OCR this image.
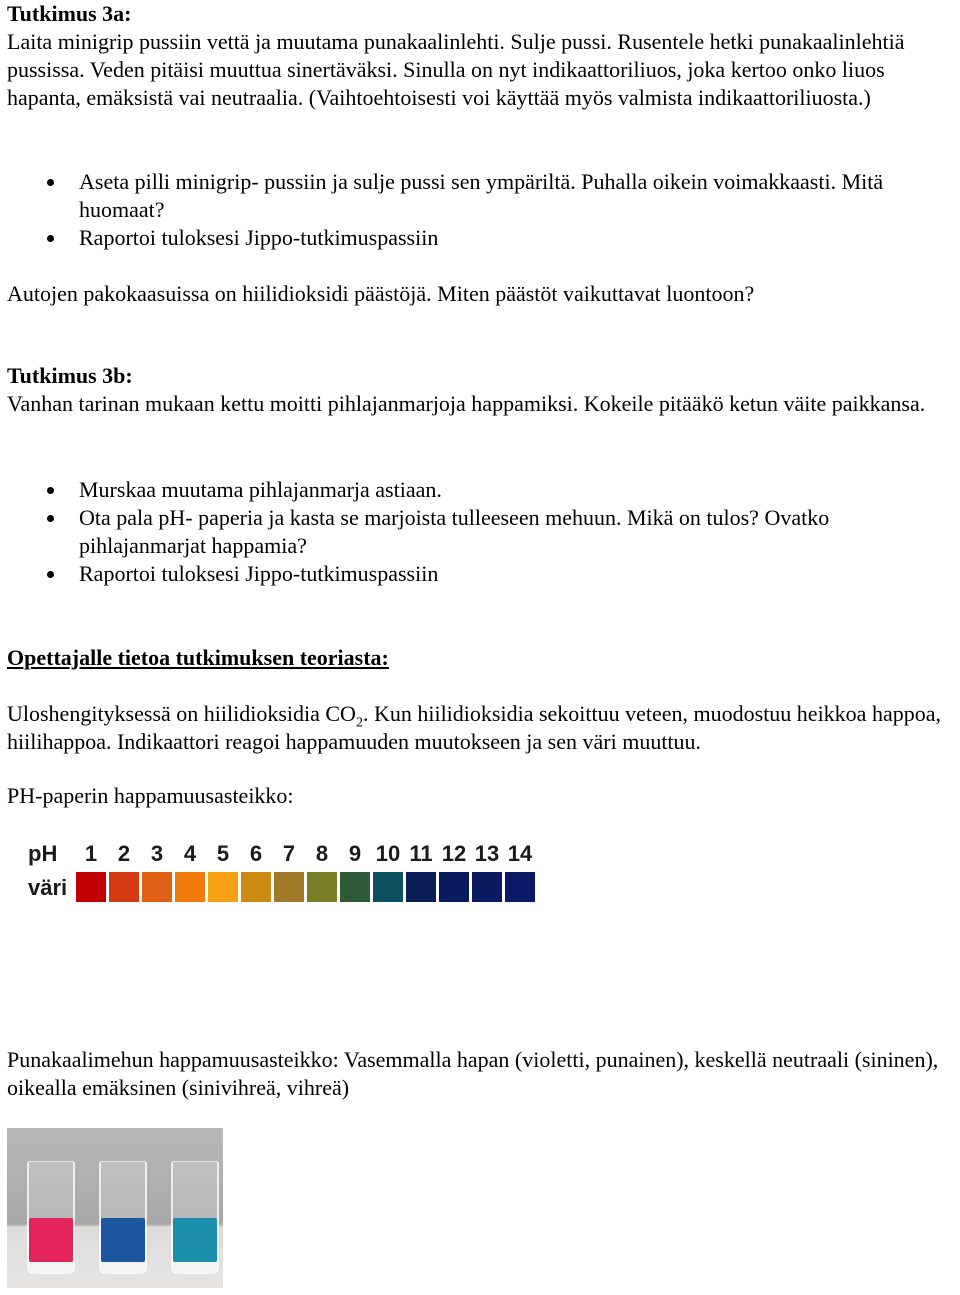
Tutkimus 3a:

Laita minigrip pussiin vettä ja muutama punakaalinlehti. Sulje pussi. Rusentele hetki punakaalinlehtiä pussissa. Veden pitäisi muuttua sinertäväksi. Sinulla on nyt indikaattoriliuos, joka kertoo onko liuos hapanta, emäksistä vai neutraalia. (Vaihtoehtoisesti voi käyttää myös valmista indikaattoriliuosta.)

Aseta pilli minigrip- pussiin ja sulje pussi sen ympäriltä. Puhalla oikein voimakkaasti. Mitä huomaat?
Raportoi tuloksesi Jippo-tutkimuspassiin

Autojen pakokaasuissa on hiilidioksidi päästöjä. Miten päästöt vaikuttavat luontoon?

Tutkimus 3b:

Vanhan tarinan mukaan kettu moitti pihlajanmarjoja happamiksi. Kokeile pitääkö ketun väite paikkansa.

Murskaa muutama pihlajanmarja astiaan.
Ota pala pH- paperia ja kasta se marjoista tulleeseen mehuun. Mikä on tulos? Ovatko pihlajanmarjat happamia?
Raportoi tuloksesi Jippo-tutkimuspassiin

Opettajalle tietoa tutkimuksen teoriasta:

Uloshengityksessä on hiilidioksidia $CO_2$. Kun hiilidioksidia sekoittuu veteen, muodostuu heikkoa happoa, hiilihappoa. Indikaattori reagoi happamuuden muutokseen ja sen väri muuttuu.

PH-paperin happamuusasteikko:

pH
väri
1 2 3 4 5 6 7 8 9 10 11 12 13 14

Punakaalimehun happamuusasteikko: Vasemmalla hapan (violetti, punainen), keskellä neutraali (sininen), oikealla emäksinen (sinivihreä, vihreä)
